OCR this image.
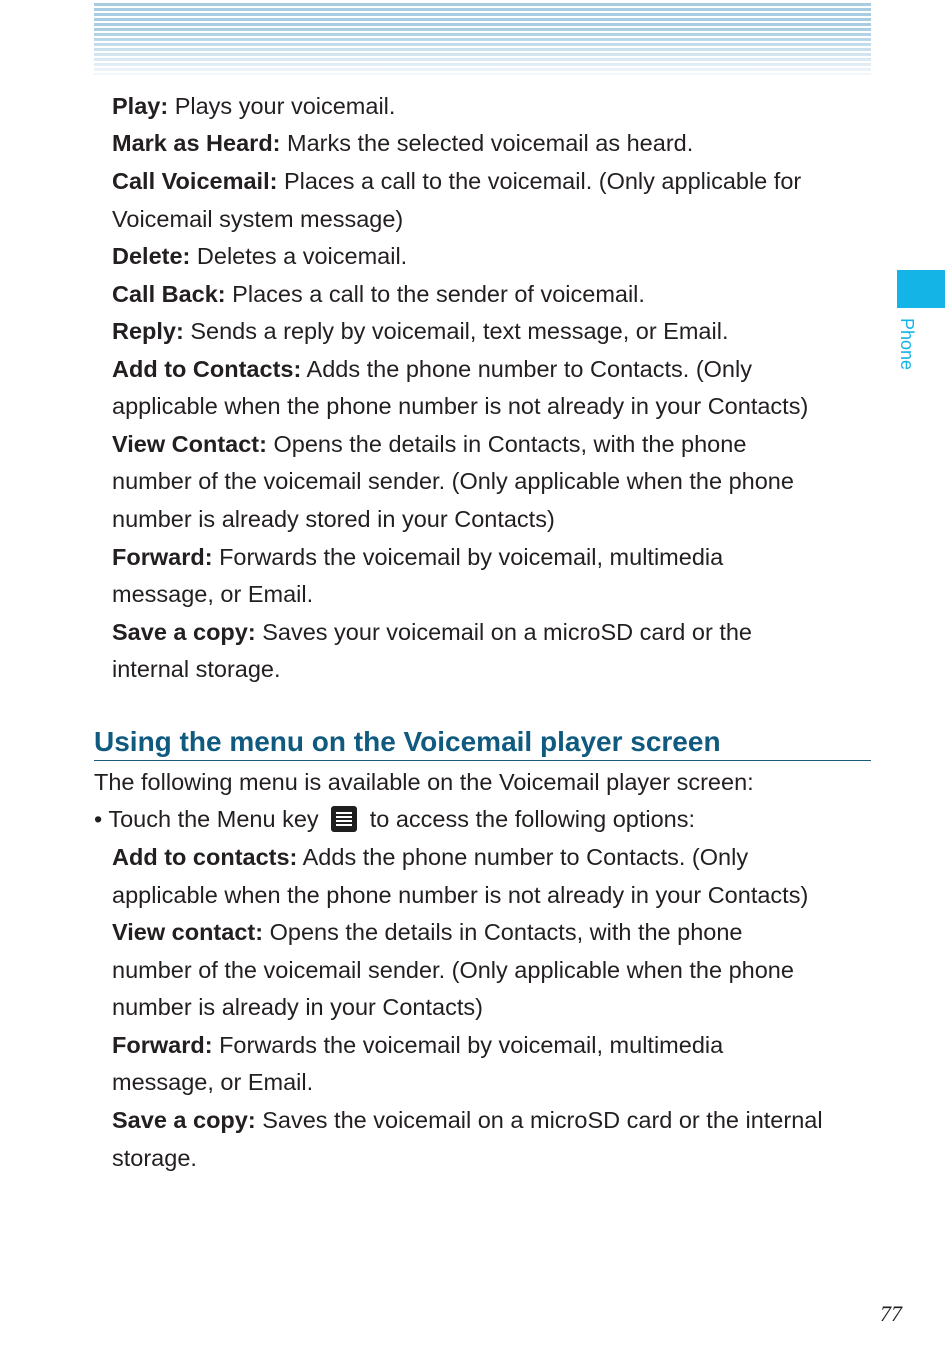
Phone
Play: Plays your voicemail.
Mark as Heard: Marks the selected voicemail as heard.
Call Voicemail: Places a call to the voicemail. (Only applicable for
Voicemail system message)
Delete: Deletes a voicemail.
Call Back: Places a call to the sender of voicemail.
Reply: Sends a reply by voicemail, text message, or Email.
Add to Contacts: Adds the phone number to Contacts. (Only
applicable when the phone number is not already in your Contacts)
View Contact: Opens the details in Contacts, with the phone
number of the voicemail sender. (Only applicable when the phone
number is already stored in your Contacts)
Forward: Forwards the voicemail by voicemail, multimedia
message, or Email.
Save a copy: Saves your voicemail on a microSD card or the
internal storage.
Using the menu on the Voicemail player screen
The following menu is available on the Voicemail player screen:
• Touch the Menu key to access the following options:
Add to contacts: Adds the phone number to Contacts. (Only
applicable when the phone number is not already in your Contacts)
View contact: Opens the details in Contacts, with the phone
number of the voicemail sender. (Only applicable when the phone
number is already in your Contacts)
Forward: Forwards the voicemail by voicemail, multimedia
message, or Email.
Save a copy: Saves the voicemail on a microSD card or the internal
storage.
77
